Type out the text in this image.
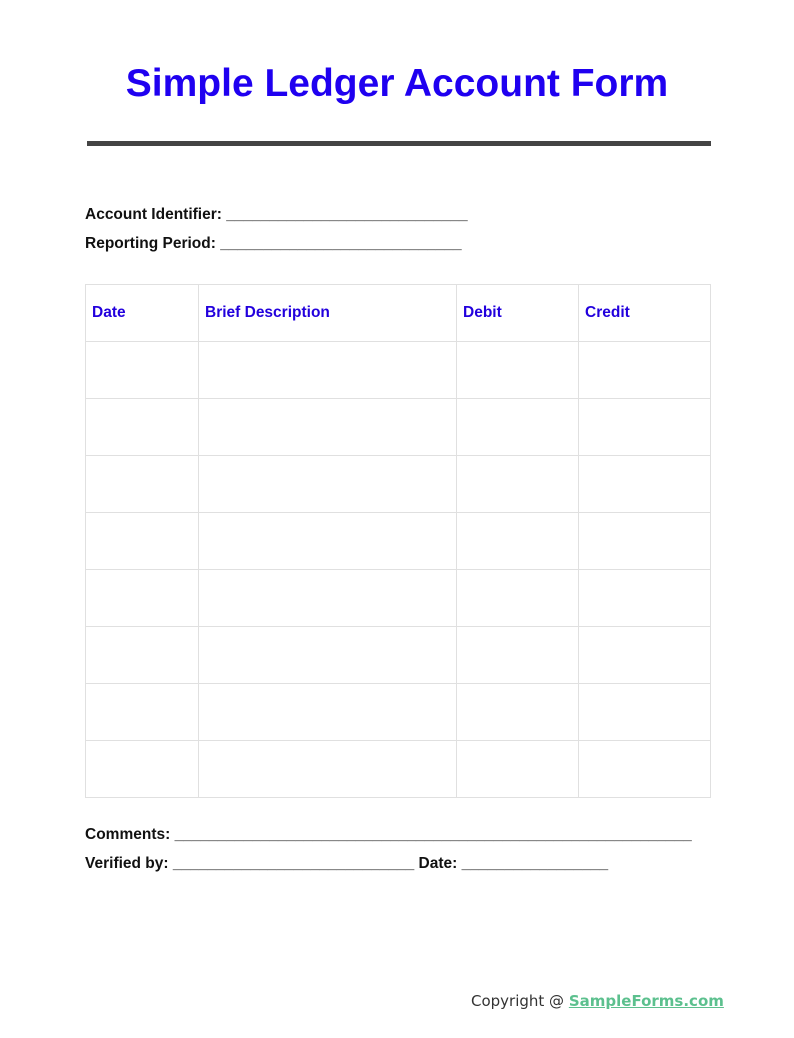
Simple Ledger Account Form
Account Identifier: ____________________________
Reporting Period: ____________________________
Date	Brief Description	Debit	Credit

Comments: ____________________________________________________________
Verified by: ____________________________ Date: _________________
Copyright @ SampleForms.com
